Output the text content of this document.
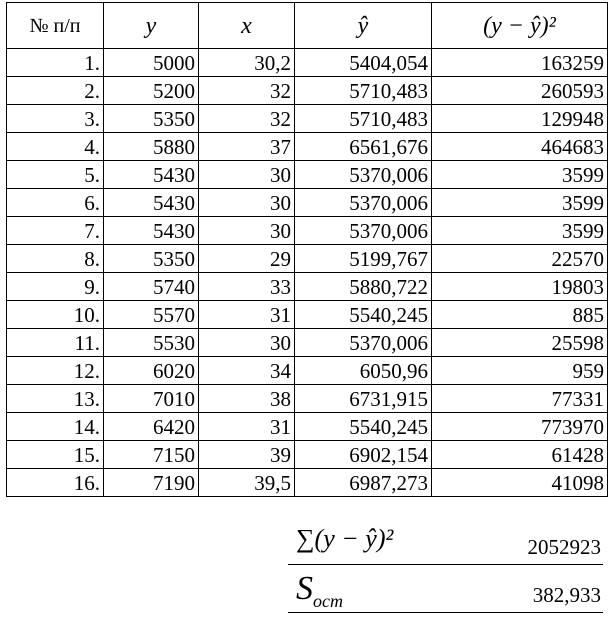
№ п/п	y	x	ŷ	(y − ŷ)²
1.	5000	30,2	5404,054	163259
2.	5200	32	5710,483	260593
3.	5350	32	5710,483	129948
4.	5880	37	6561,676	464683
5.	5430	30	5370,006	3599
6.	5430	30	5370,006	3599
7.	5430	30	5370,006	3599
8.	5350	29	5199,767	22570
9.	5740	33	5880,722	19803
10.	5570	31	5540,245	885
11.	5530	30	5370,006	25598
12.	6020	34	6050,96	959
13.	7010	38	6731,915	77331
14.	6420	31	5540,245	773970
15.	7150	39	6902,154	61428
16.	7190	39,5	6987,273	41098
∑(y − ŷ)²	2052923
Sост	382,933
